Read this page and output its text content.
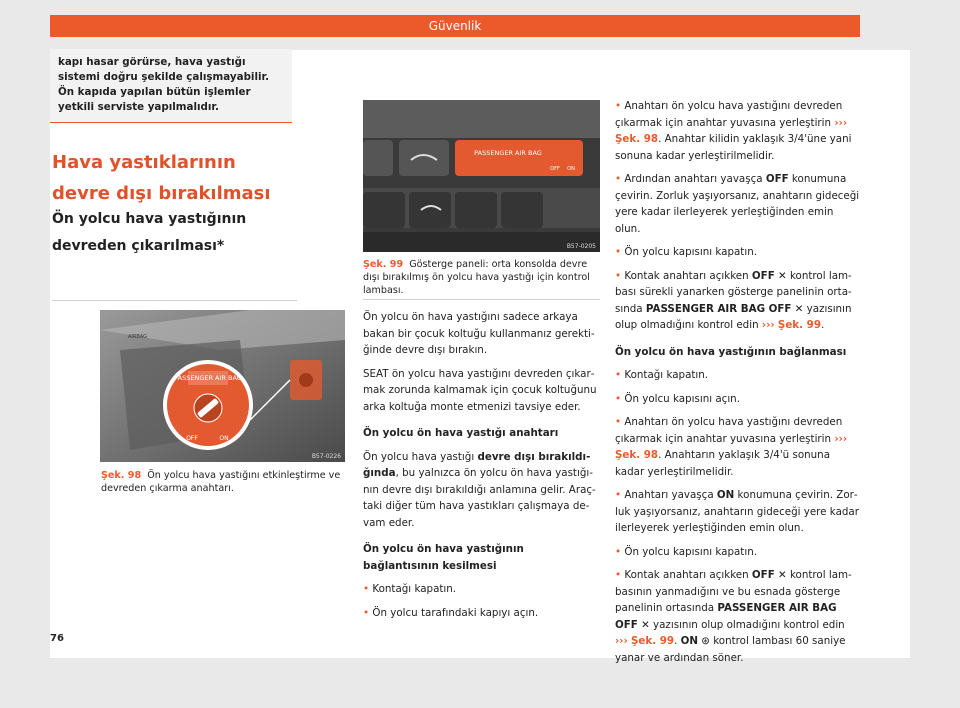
Güvenlik
kapı hasar görürse, hava yastığı sistemi doğru şekilde çalışmayabilir. Ön kapıda yapılan bütün işlemler yetkili serviste yapılmalıdır.
Hava yastıklarının devre dışı bırakılması
Ön yolcu hava yastığının devreden çıkarılması*
AIRBAG
PASSENGER AIR BAG
OFF	ON
B57-0226
Şek. 98 Ön yolcu hava yastığını etkinleştirme ve devreden çıkarma anahtarı.
PASSENGER AIR BAG
OFF ON
B57-0205
Şek. 99 Gösterge paneli: orta konsolda devre dışı bırakılmış ön yolcu hava yastığı için kontrol lambası.

Ön yolcu ön hava yastığını sadece arkaya bakan bir çocuk koltuğu kullanmanız gerektiğinde devre dışı bırakın.

SEAT ön yolcu hava yastığını devreden çıkarmak zorunda kalmamak için çocuk koltuğunu arka koltuğa monte etmenizi tavsiye eder.

Ön yolcu ön hava yastığı anahtarı

Ön yolcu hava yastığı devre dışı bırakıldığında, bu yalnızca ön yolcu ön hava yastığının devre dışı bırakıldığı anlamına gelir. Araçtaki diğer tüm hava yastıkları çalışmaya devam eder.

Ön yolcu ön hava yastığının bağlantısının kesilmesi

• Kontağı kapatın.

• Ön yolcu tarafındaki kapıyı açın.

• Anahtarı ön yolcu hava yastığını devreden çıkarmak için anahtar yuvasına yerleştirin ››› Şek. 98. Anahtar kilidin yaklaşık 3/4'üne yani sonuna kadar yerleştirilmelidir.

• Ardından anahtarı yavaşça OFF konumuna çevirin. Zorluk yaşıyorsanız, anahtarın gideceği yere kadar ilerleyerek yerleştiğinden emin olun.

• Ön yolcu kapısını kapatın.

• Kontak anahtarı açıkken OFF ✕ kontrol lambası sürekli yanarken gösterge panelinin ortasında PASSENGER AIR BAG OFF ✕ yazısının olup olmadığını kontrol edin ››› Şek. 99.

Ön yolcu ön hava yastığının bağlanması

• Kontağı kapatın.

• Ön yolcu kapısını açın.

• Anahtarı ön yolcu hava yastığını devreden çıkarmak için anahtar yuvasına yerleştirin ››› Şek. 98. Anahtarın yaklaşık 3/4'ü sonuna kadar yerleştirilmelidir.

• Anahtarı yavaşça ON konumuna çevirin. Zorluk yaşıyorsanız, anahtarın gideceği yere kadar ilerleyerek yerleştiğinden emin olun.

• Ön yolcu kapısını kapatın.

• Kontak anahtarı açıkken OFF ✕ kontrol lambasının yanmadığını ve bu esnada gösterge panelinin ortasında PASSENGER AIR BAG OFF ✕ yazısının olup olmadığını kontrol edin ››› Şek. 99. ON ⊛ kontrol lambası 60 saniye yanar ve ardından söner.

76
